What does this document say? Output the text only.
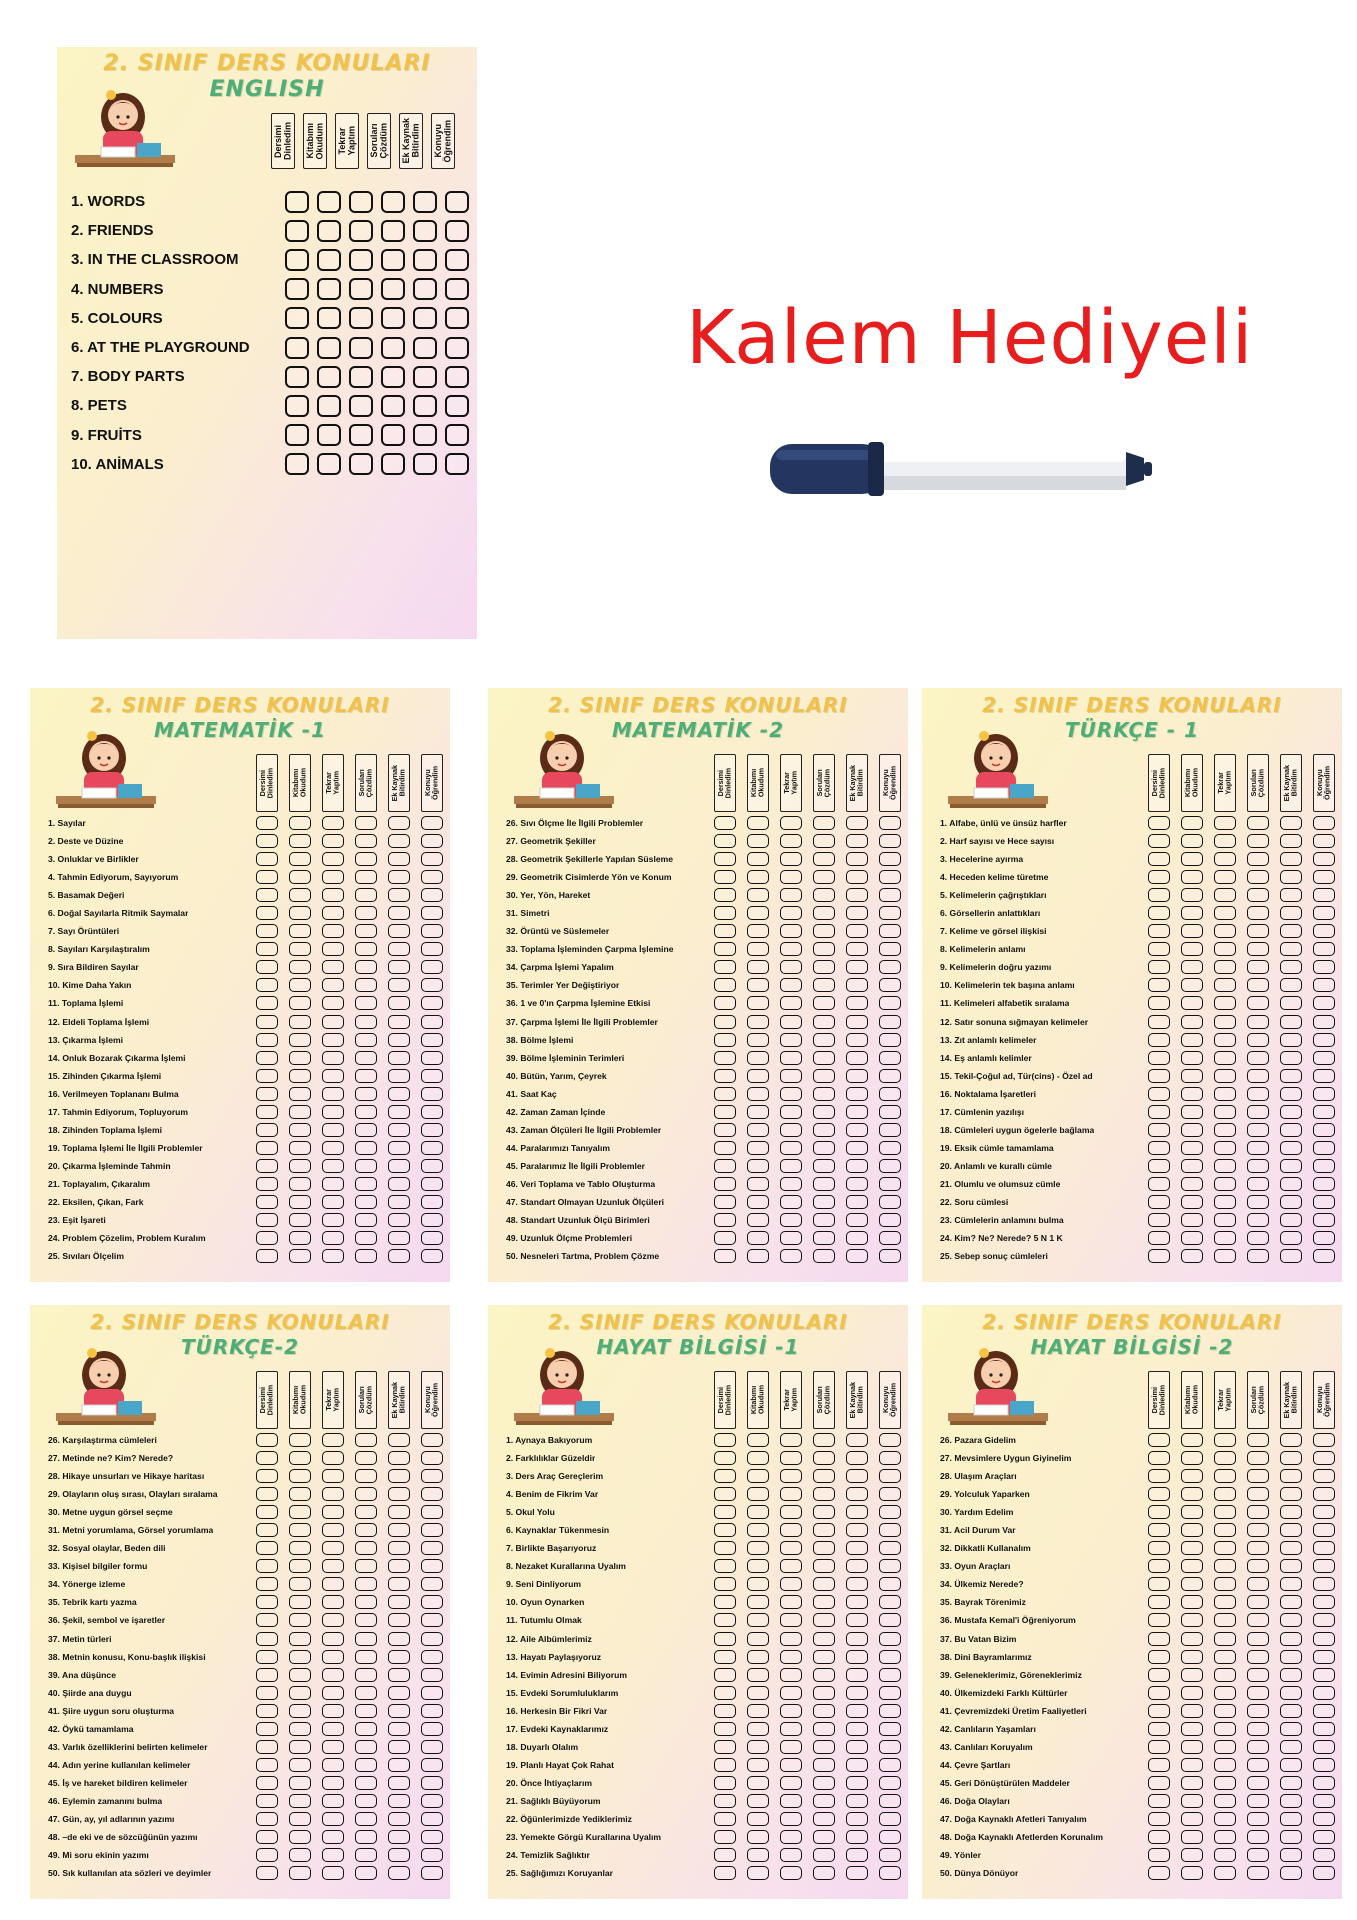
2. SINIF DERS KONULARI
ENGLISH
Dersimi
Dinledim Kitabımı
Okudum Tekrar
Yaptım Soruları
Çözdüm Ek Kaynak
Bitirdim Konuyu
Öğrendim
1. WORDS
2. FRIENDS
3. IN THE CLASSROOM
4. NUMBERS
5. COLOURS
6. AT THE PLAYGROUND
7. BODY PARTS
8. PETS
9. FRUİTS
10. ANİMALS
Kalem Hediyeli
2. SINIF DERS KONULARI
MATEMATİK -1
Dersimi
Dinledim Kitabımı
Okudum Tekrar
Yaptım Soruları
Çözdüm Ek Kaynak
Bitirdim Konuyu
Öğrendim
1. Sayılar
2. Deste ve Düzine
3. Onluklar ve Birlikler
4. Tahmin Ediyorum, Sayıyorum
5. Basamak Değeri
6. Doğal Sayılarla Ritmik Saymalar
7. Sayı Örüntüleri
8. Sayıları Karşılaştıralım
9. Sıra Bildiren Sayılar
10. Kime Daha Yakın
11. Toplama İşlemi
12. Eldeli Toplama İşlemi
13. Çıkarma İşlemi
14. Onluk Bozarak Çıkarma İşlemi
15. Zihinden Çıkarma İşlemi
16. Verilmeyen Toplananı Bulma
17. Tahmin Ediyorum, Topluyorum
18. Zihinden Toplama İşlemi
19. Toplama İşlemi İle İlgili Problemler
20. Çıkarma İşleminde Tahmin
21. Toplayalım, Çıkaralım
22. Eksilen, Çıkan, Fark
23. Eşit İşareti
24. Problem Çözelim, Problem Kuralım
25. Sıvıları Ölçelim
2. SINIF DERS KONULARI
MATEMATİK -2
Dersimi
Dinledim Kitabımı
Okudum Tekrar
Yaptım Soruları
Çözdüm Ek Kaynak
Bitirdim Konuyu
Öğrendim
26. Sıvı Ölçme İle İlgili Problemler
27. Geometrik Şekiller
28. Geometrik Şekillerle Yapılan Süsleme
29. Geometrik Cisimlerde Yön ve Konum
30. Yer, Yön, Hareket
31. Simetri
32. Örüntü ve Süslemeler
33. Toplama İşleminden Çarpma İşlemine
34. Çarpma İşlemi Yapalım
35. Terimler Yer Değiştiriyor
36. 1 ve 0'ın Çarpma İşlemine Etkisi
37. Çarpma İşlemi İle İlgili Problemler
38. Bölme İşlemi
39. Bölme İşleminin Terimleri
40. Bütün, Yarım, Çeyrek
41. Saat Kaç
42. Zaman Zaman İçinde
43. Zaman Ölçüleri İle İlgili Problemler
44. Paralarımızı Tanıyalım
45. Paralarımız İle İlgili Problemler
46. Veri Toplama ve Tablo Oluşturma
47. Standart Olmayan Uzunluk Ölçüleri
48. Standart Uzunluk Ölçü Birimleri
49. Uzunluk Ölçme Problemleri
50. Nesneleri Tartma, Problem Çözme
2. SINIF DERS KONULARI
TÜRKÇE - 1
Dersimi
Dinledim Kitabımı
Okudum Tekrar
Yaptım Soruları
Çözdüm Ek Kaynak
Bitirdim Konuyu
Öğrendim
1. Alfabe, ünlü ve ünsüz harfler
2. Harf sayısı ve Hece sayısı
3. Hecelerine ayırma
4. Heceden kelime türetme
5. Kelimelerin çağrıştıkları
6. Görsellerin anlattıkları
7. Kelime ve görsel ilişkisi
8. Kelimelerin anlamı
9. Kelimelerin doğru yazımı
10. Kelimelerin tek başına anlamı
11. Kelimeleri alfabetik sıralama
12. Satır sonuna sığmayan kelimeler
13. Zıt anlamlı kelimeler
14. Eş anlamlı kelimler
15. Tekil-Çoğul ad, Tür(cins) - Özel ad
16. Noktalama İşaretleri
17. Cümlenin yazılışı
18. Cümleleri uygun ögelerle bağlama
19. Eksik cümle tamamlama
20. Anlamlı ve kurallı cümle
21. Olumlu ve olumsuz cümle
22. Soru cümlesi
23. Cümlelerin anlamını bulma
24. Kim? Ne? Nerede? 5 N 1 K
25. Sebep sonuç cümleleri
2. SINIF DERS KONULARI
TÜRKÇE-2
Dersimi
Dinledim Kitabımı
Okudum Tekrar
Yaptım Soruları
Çözdüm Ek Kaynak
Bitirdim Konuyu
Öğrendim
26. Karşılaştırma cümleleri
27. Metinde ne? Kim? Nerede?
28. Hikaye unsurları ve Hikaye haritası
29. Olayların oluş sırası, Olayları sıralama
30. Metne uygun görsel seçme
31. Metni yorumlama, Görsel yorumlama
32. Sosyal olaylar, Beden dili
33. Kişisel bilgiler formu
34. Yönerge izleme
35. Tebrik kartı yazma
36. Şekil, sembol ve işaretler
37. Metin türleri
38. Metnin konusu, Konu-başlık ilişkisi
39. Ana düşünce
40. Şiirde ana duygu
41. Şiire uygun soru oluşturma
42. Öykü tamamlama
43. Varlık özelliklerini belirten kelimeler
44. Adın yerine kullanılan kelimeler
45. İş ve hareket bildiren kelimeler
46. Eylemin zamanını bulma
47. Gün, ay, yıl adlarının yazımı
48. –de eki ve de sözcüğünün yazımı
49. Mi soru ekinin yazımı
50. Sık kullanılan ata sözleri ve deyimler
2. SINIF DERS KONULARI
HAYAT BİLGİSİ -1
Dersimi
Dinledim Kitabımı
Okudum Tekrar
Yaptım Soruları
Çözdüm Ek Kaynak
Bitirdim Konuyu
Öğrendim
1. Aynaya Bakıyorum
2. Farklılıklar Güzeldir
3. Ders Araç Gereçlerim
4. Benim de Fikrim Var
5. Okul Yolu
6. Kaynaklar Tükenmesin
7. Birlikte Başarıyoruz
8. Nezaket Kurallarına Uyalım
9. Seni Dinliyorum
10. Oyun Oynarken
11. Tutumlu Olmak
12. Aile Albümlerimiz
13. Hayatı Paylaşıyoruz
14. Evimin Adresini Biliyorum
15. Evdeki Sorumluluklarım
16. Herkesin Bir Fikri Var
17. Evdeki Kaynaklarımız
18. Duyarlı Olalım
19. Planlı Hayat Çok Rahat
20. Önce İhtiyaçlarım
21. Sağlıklı Büyüyorum
22. Öğünlerimizde Yediklerimiz
23. Yemekte Görgü Kurallarına Uyalım
24. Temizlik Sağlıktır
25. Sağlığımızı Koruyanlar
2. SINIF DERS KONULARI
HAYAT BİLGİSİ -2
Dersimi
Dinledim Kitabımı
Okudum Tekrar
Yaptım Soruları
Çözdüm Ek Kaynak
Bitirdim Konuyu
Öğrendim
26. Pazara Gidelim
27. Mevsimlere Uygun Giyinelim
28. Ulaşım Araçları
29. Yolculuk Yaparken
30. Yardım Edelim
31. Acil Durum Var
32. Dikkatli Kullanalım
33. Oyun Araçları
34. Ülkemiz Nerede?
35. Bayrak Törenimiz
36. Mustafa Kemal'i Öğreniyorum
37. Bu Vatan Bizim
38. Dini Bayramlarımız
39. Geleneklerimiz, Göreneklerimiz
40. Ülkemizdeki Farklı Kültürler
41. Çevremizdeki Üretim Faaliyetleri
42. Canlıların Yaşamları
43. Canlıları Koruyalım
44. Çevre Şartları
45. Geri Dönüştürülen Maddeler
46. Doğa Olayları
47. Doğa Kaynaklı Afetleri Tanıyalım
48. Doğa Kaynaklı Afetlerden Korunalım
49. Yönler
50. Dünya Dönüyor
